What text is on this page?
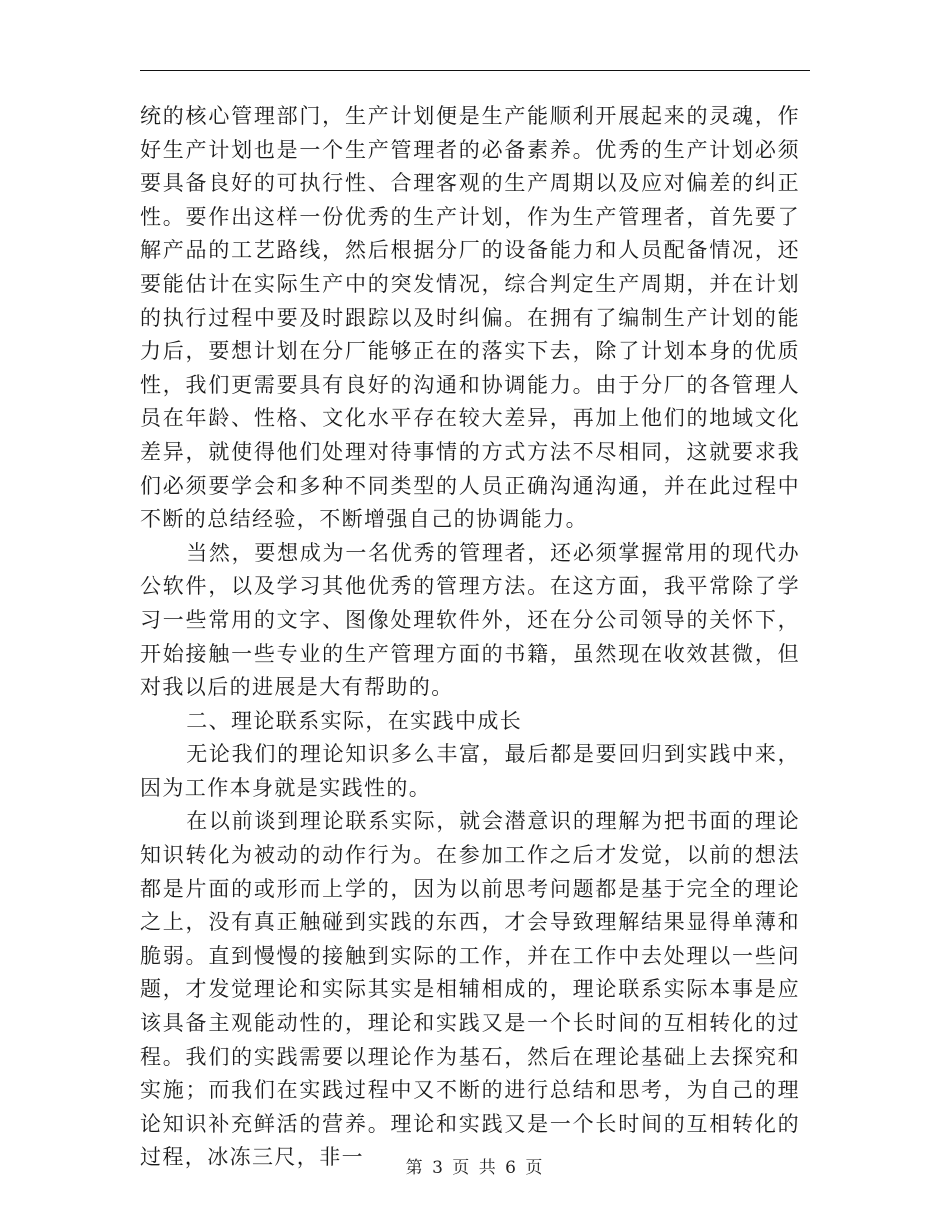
统的核心管理部门，生产计划便是生产能顺利开展起来的灵魂，作好生产计划也是一个生产管理者的必备素养。优秀的生产计划必须要具备良好的可执行性、合理客观的生产周期以及应对偏差的纠正性。要作出这样一份优秀的生产计划，作为生产管理者，首先要了解产品的工艺路线，然后根据分厂的设备能力和人员配备情况，还要能估计在实际生产中的突发情况，综合判定生产周期，并在计划的执行过程中要及时跟踪以及时纠偏。在拥有了编制生产计划的能力后，要想计划在分厂能够正在的落实下去，除了计划本身的优质性，我们更需要具有良好的沟通和协调能力。由于分厂的各管理人员在年龄、性格、文化水平存在较大差异，再加上他们的地域文化差异，就使得他们处理对待事情的方式方法不尽相同，这就要求我们必须要学会和多种不同类型的人员正确沟通沟通，并在此过程中不断的总结经验，不断增强自己的协调能力。

当然，要想成为一名优秀的管理者，还必须掌握常用的现代办公软件，以及学习其他优秀的管理方法。在这方面，我平常除了学习一些常用的文字、图像处理软件外，还在分公司领导的关怀下，开始接触一些专业的生产管理方面的书籍，虽然现在收效甚微，但对我以后的进展是大有帮助的。

二、理论联系实际，在实践中成长

无论我们的理论知识多么丰富，最后都是要回归到实践中来，因为工作本身就是实践性的。

在以前谈到理论联系实际，就会潜意识的理解为把书面的理论知识转化为被动的动作行为。在参加工作之后才发觉，以前的想法都是片面的或形而上学的，因为以前思考问题都是基于完全的理论之上，没有真正触碰到实践的东西，才会导致理解结果显得单薄和脆弱。直到慢慢的接触到实际的工作，并在工作中去处理以一些问题，才发觉理论和实际其实是相辅相成的，理论联系实际本事是应该具备主观能动性的，理论和实践又是一个长时间的互相转化的过程。我们的实践需要以理论作为基石，然后在理论基础上去探究和实施；而我们在实践过程中又不断的进行总结和思考，为自己的理论知识补充鲜活的营养。理论和实践又是一个长时间的互相转化的过程，冰冻三尺，非一	第 3 页 共 6 页
